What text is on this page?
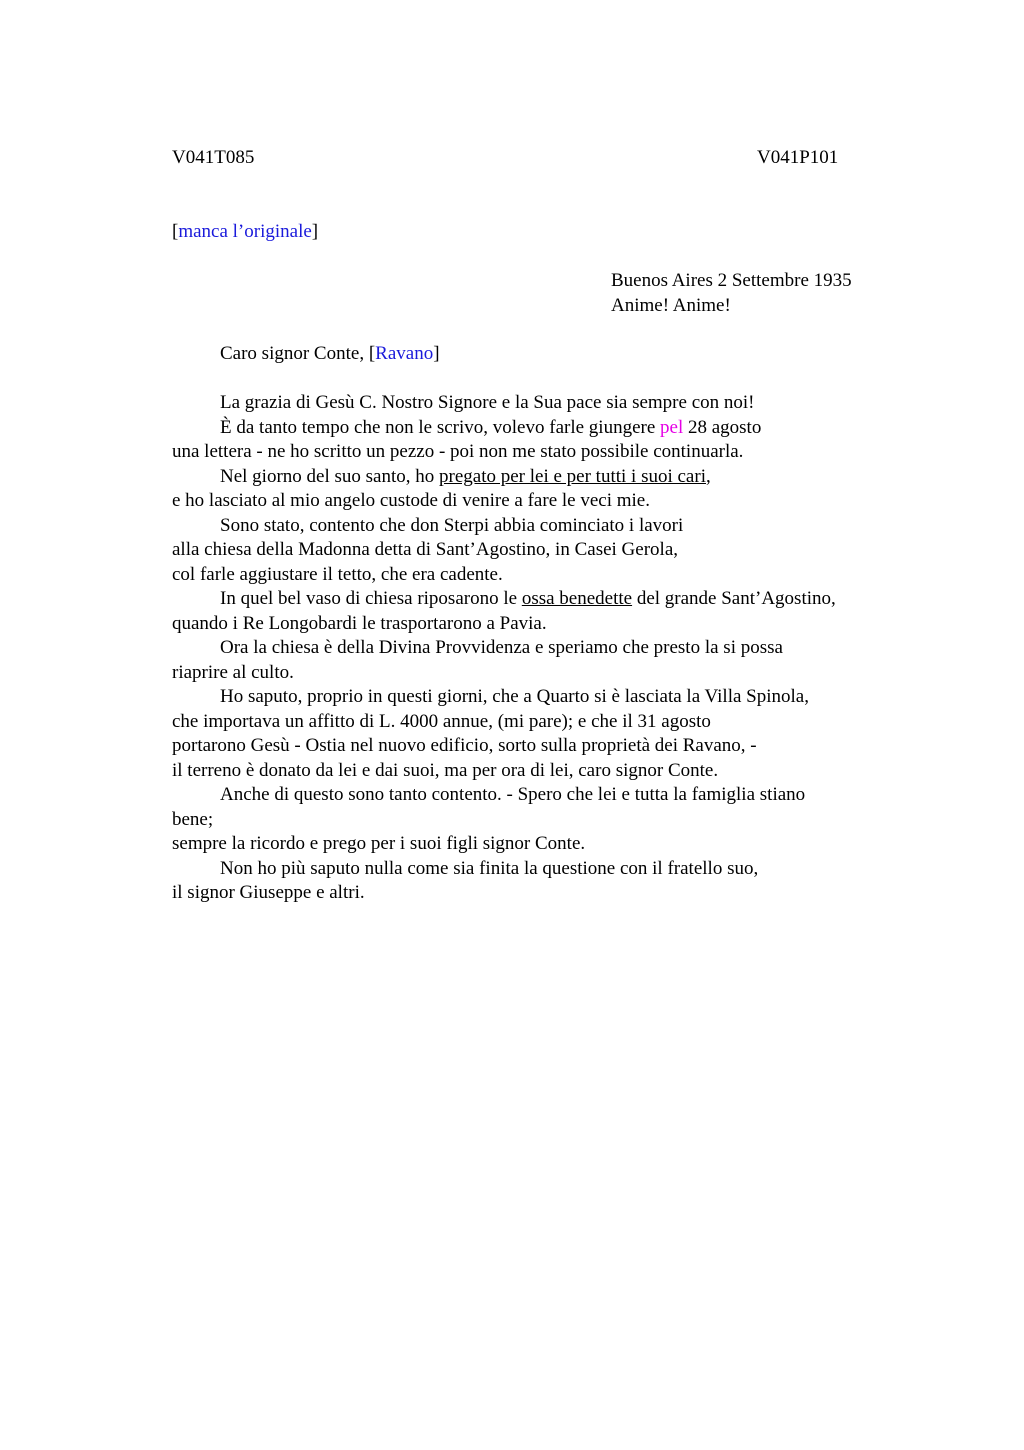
V041T085	V041P101
[manca l’originale]
Buenos Aires 2 Settembre 1935
Anime! Anime!
Caro signor Conte, [Ravano]
La grazia di Gesù C. Nostro Signore e la Sua pace sia sempre con noi!
È da tanto tempo che non le scrivo, volevo farle giungere pel 28 agosto
una lettera - ne ho scritto un pezzo - poi non me stato possibile continuarla.
Nel giorno del suo santo, ho pregato per lei e per tutti i suoi cari,
e ho lasciato al mio angelo custode di venire a fare le veci mie.
Sono stato, contento che don Sterpi abbia cominciato i lavori
alla chiesa della Madonna detta di Sant’Agostino, in Casei Gerola,
col farle aggiustare il tetto, che era cadente.
In quel bel vaso di chiesa riposarono le ossa benedette del grande Sant’Agostino,
quando i Re Longobardi le trasportarono a Pavia.
Ora la chiesa è della Divina Provvidenza e speriamo che presto la si possa
riaprire al culto.
Ho saputo, proprio in questi giorni, che a Quarto si è lasciata la Villa Spinola,
che importava un affitto di L. 4000 annue, (mi pare); e che il 31 agosto
portarono Gesù - Ostia nel nuovo edificio, sorto sulla proprietà dei Ravano, -
il terreno è donato da lei e dai suoi, ma per ora di lei, caro signor Conte.
Anche di questo sono tanto contento. - Spero che lei e tutta la famiglia stiano
bene;
sempre la ricordo e prego per i suoi figli signor Conte.
Non ho più saputo nulla come sia finita la questione con il fratello suo,
il signor Giuseppe e altri.
